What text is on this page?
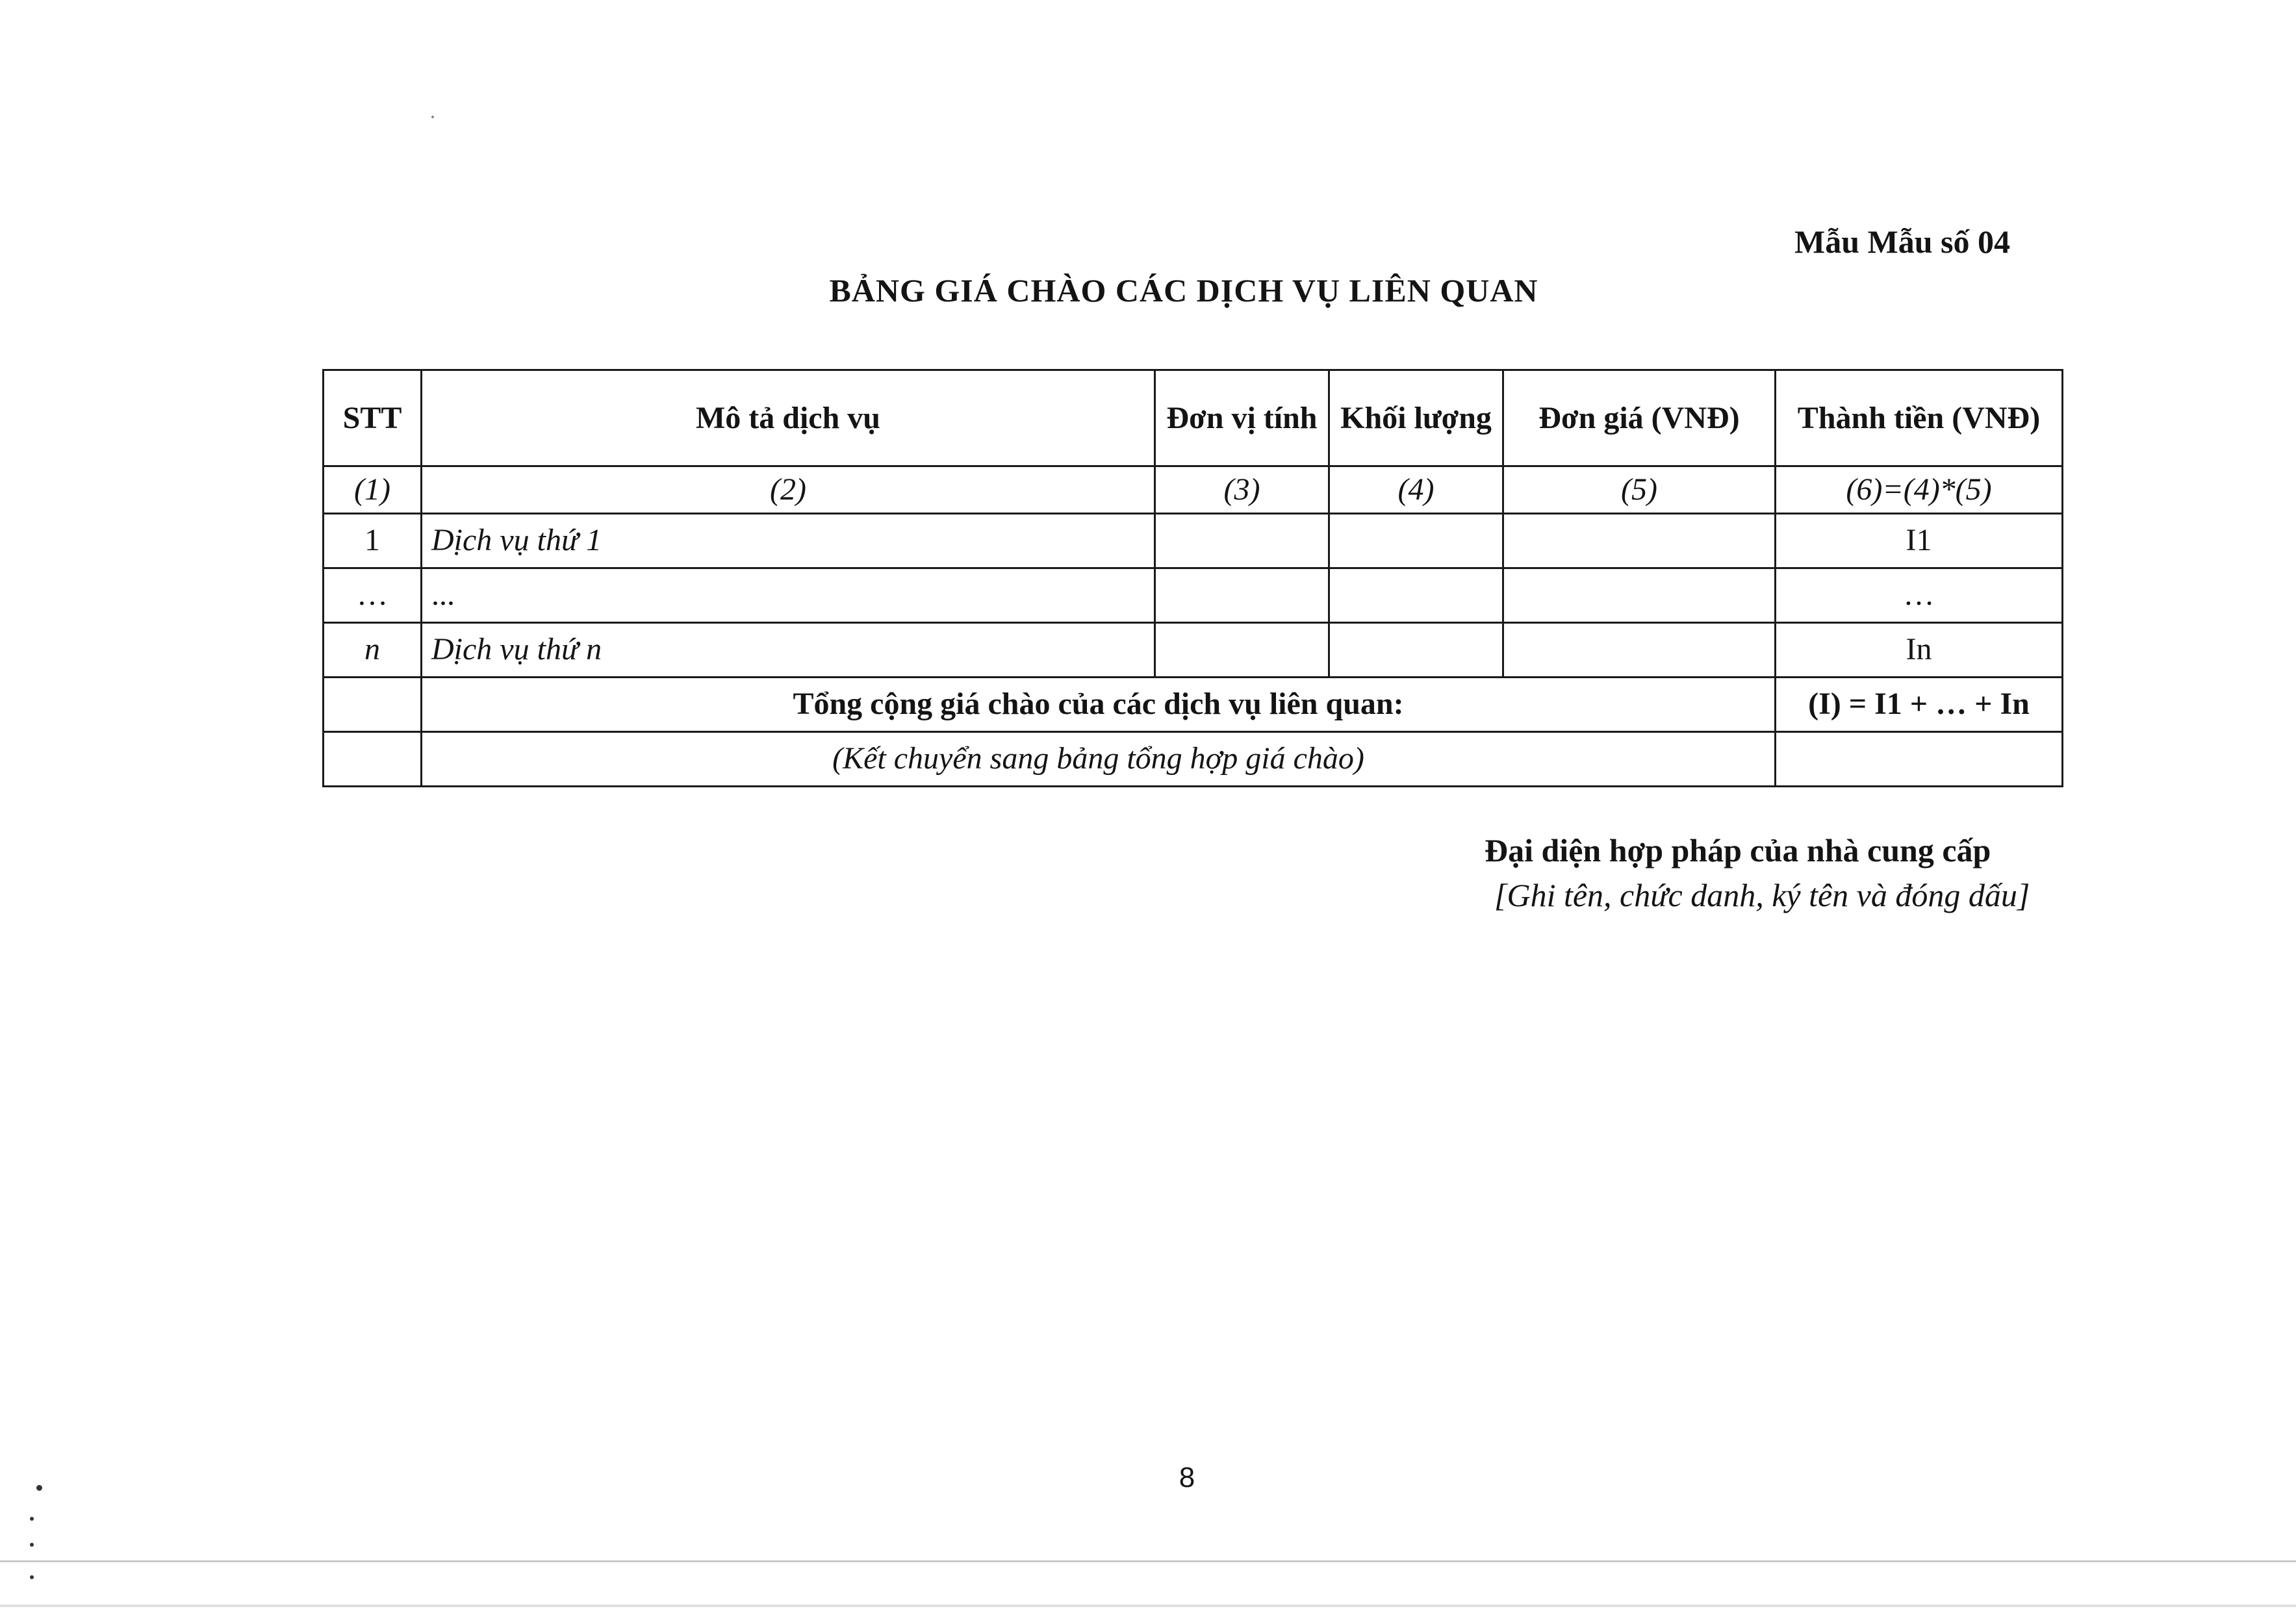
Mẫu Mẫu số 04
BẢNG GIÁ CHÀO CÁC DỊCH VỤ LIÊN QUAN
STT	Mô tả dịch vụ	Đơn vị tính	Khối lượng	Đơn giá (VNĐ)	Thành tiền (VNĐ)
(1)	(2)	(3)	(4)	(5)	(6)=(4)*(5)
1	Dịch vụ thứ 1				I1
…	...				…
n	Dịch vụ thứ n				In
	Tổng cộng giá chào của các dịch vụ liên quan:				(I) = I1 + … + In
	(Kết chuyển sang bảng tổng hợp giá chào)				
Đại diện hợp pháp của nhà cung cấp
[Ghi tên, chức danh, ký tên và đóng dấu]
8
